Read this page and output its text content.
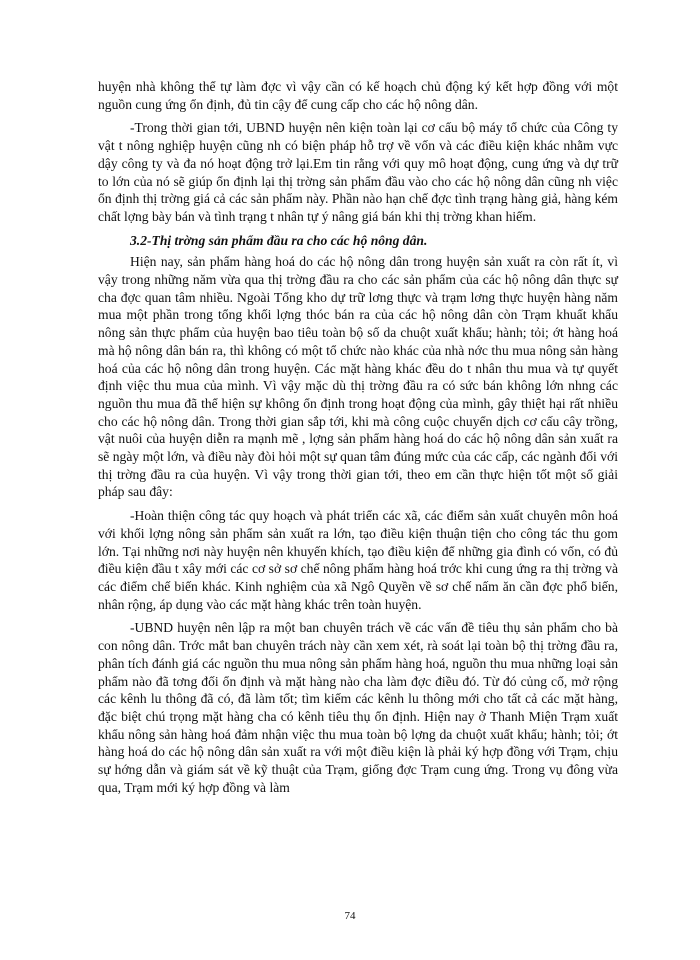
huyện nhà không thể tự làm đợc vì vậy cần có kế hoạch chủ động ký kết hợp đồng với một nguồn cung ứng ổn định, đủ tin cậy để cung cấp cho các hộ nông dân.

-Trong thời gian tới, UBND huyện nên kiện toàn lại cơ cấu bộ máy tổ chức của Công ty vật t nông nghiệp huyện cũng nh có biện pháp hỗ trợ về vốn và các điều kiện khác nhằm vực dậy công ty và đa nó hoạt động trở lại.Em tin rằng với quy mô hoạt động, cung ứng và dự trữ to lớn của nó sẽ giúp ổn định lại thị trờng sản phẩm đầu vào cho các hộ nông dân cũng nh việc ổn định thị trờng giá cả các sản phẩm này. Phần nào hạn chế đợc tình trạng hàng giả, hàng kém chất lợng bày bán và tình trạng t nhân tự ý nâng giá bán khi thị trờng khan hiếm.

3.2-Thị trờng sản phẩm đầu ra cho các hộ nông dân.

Hiện nay, sản phẩm hàng hoá do các hộ nông dân trong huyện sản xuất ra còn rất ít, vì vậy trong những năm vừa qua thị trờng đầu ra cho các sản phẩm của các hộ nông dân thực sự cha đợc quan tâm nhiều. Ngoài Tổng kho dự trữ lơng thực và trạm lơng thực huyện hàng năm mua một phần trong tổng khối lợng thóc bán ra của các hộ nông dân còn Trạm khuất khẩu nông sản thực phẩm của huyện bao tiêu toàn bộ số da chuột xuất khẩu; hành; tỏi; ớt hàng hoá mà hộ nông dân bán ra, thì không có một tổ chức nào khác của nhà nớc thu mua nông sản hàng hoá của các hộ nông dân trong huyện. Các mặt hàng khác đều do t nhân thu mua và tự quyết định việc thu mua của mình. Vì vậy mặc dù thị trờng đầu ra có sức bán không lớn nhng các nguồn thu mua đã thể hiện sự không ổn định trong hoạt động của mình, gây thiệt hại rất nhiều cho các hộ nông dân. Trong thời gian sắp tới, khi mà công cuộc chuyển dịch cơ cấu cây trồng, vật nuôi của huyện diễn ra mạnh mẽ , lợng sản phẩm hàng hoá do các hộ nông dân sản xuất ra sẽ ngày một lớn, và điều này đòi hỏi một sự quan tâm đúng mức của các cấp, các ngành đối với thị trờng đầu ra của huyện. Vì vậy trong thời gian tới, theo em cần thực hiện tốt một số giải pháp sau đây:

-Hoàn thiện công tác quy hoạch và phát triển các xã, các điểm sản xuất chuyên môn hoá với khối lợng nông sản phẩm sản xuất ra lớn, tạo điều kiện thuận tiện cho công tác thu gom lớn. Tại những nơi này huyện nên khuyến khích, tạo điều kiện để những gia đình có vốn, có đủ điều kiện đầu t xây mới các cơ sở sơ chế nông phẩm hàng hoá trớc khi cung ứng ra thị trờng và các điểm chế biến khác. Kinh nghiệm của xã Ngô Quyền về sơ chế nấm ăn cần đợc phổ biến, nhân rộng, áp dụng vào các mặt hàng khác trên toàn huyện.

-UBND huyện nên lập ra một ban chuyên trách về các vấn đề tiêu thụ sản phẩm cho bà con nông dân. Trớc mắt ban chuyên trách này cần xem xét, rà soát lại toàn bộ thị trờng đầu ra, phân tích đánh giá các nguồn thu mua nông sản phẩm hàng hoá, nguồn thu mua những loại sản phẩm nào đã tơng đối ổn định và mặt hàng nào cha làm đợc điều đó. Từ đó củng cố, mở rộng các kênh lu thông đã có, đã làm tốt; tìm kiếm các kênh lu thông mới cho tất cả các mặt hàng, đặc biệt chú trọng mặt hàng cha có kênh tiêu thụ ổn định. Hiện nay ở Thanh Miện Trạm xuất khẩu nông sản hàng hoá đảm nhận việc thu mua toàn bộ lợng da chuột xuất khẩu; hành; tỏi; ớt hàng hoá do các hộ nông dân sản xuất ra với một điều kiện là phải ký hợp đồng với Trạm, chịu sự hớng dẫn và giám sát về kỹ thuật của Trạm, giống đợc Trạm cung ứng. Trong vụ đông vừa qua, Trạm mới ký hợp đồng và làm

74
